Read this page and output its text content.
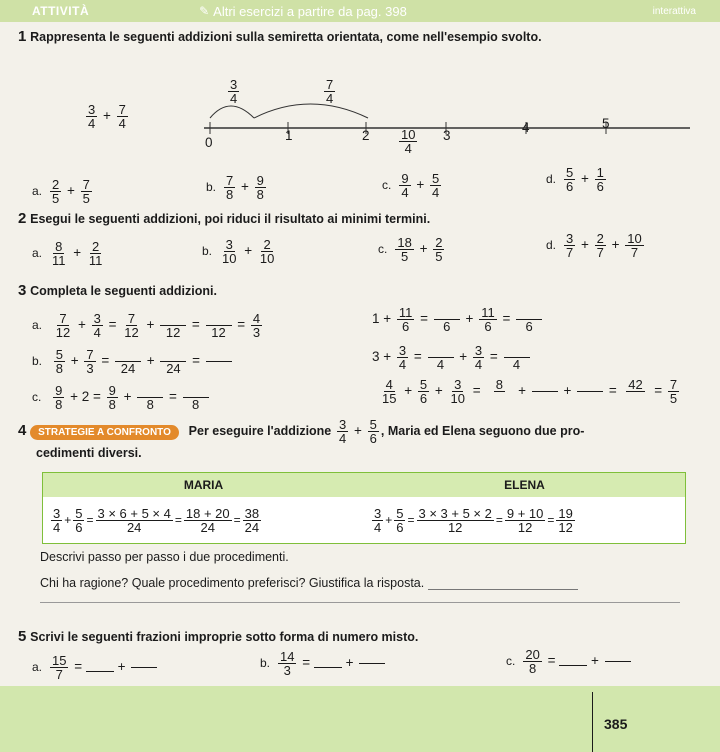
ATTIVITÀ	✎ Altri esercizi a partire da pag. 398	interattiva
1 Rappresenta le seguenti addizioni sulla semiretta orientata, come nell'esempio svolto.
$\frac{3}{4} + \frac{7}{4}$
$\frac{3}{4}$	$\frac{7}{4}$
0	1	2	3
4	5
$\frac{10}{4}$
a. $\frac{2}{5} + \frac{7}{5}$	b. $\frac{7}{8} + \frac{9}{8}$	c. $\frac{9}{4} + \frac{5}{4}$	d. $\frac{5}{6} + \frac{1}{6}$
2 Esegui le seguenti addizioni, poi riduci il risultato ai minimi termini.
a. $\frac{8}{11} + \frac{2}{11}$	b. $\frac{3}{10} + \frac{2}{10}$	c. $\frac{18}{5} + \frac{2}{5}$	d. $\frac{3}{7} + \frac{2}{7} + \frac{10}{7}$
3 Completa le seguenti addizioni.
a. $\frac{7}{12} + \frac{3}{4} = \frac{7}{12}$ +
12
=
12
= $\frac{4}{3}$
b. $\frac{5}{8} + \frac{7}{3}$ =
24
+
24
=
c. $\frac{9}{8} + 2 = \frac{9}{8}$ +
8
=
8
$1 + \frac{11}{6}$ =
6
+ $\frac{11}{6}$ =
6
$3 + \frac{3}{4}$ =
4
+ $\frac{3}{4}$ =
4
$\frac{4}{15} + \frac{5}{6} + \frac{3}{10} = 8$ +
+
= $42 = \frac{7}{5}$
4 STRATEGIE A CONFRONTO Per eseguire l'addizione $\frac{3}{4} + \frac{5}{6}$ , Maria ed Elena seguono due pro-
cedimenti diversi.
MARIA	ELENA
$\frac{3}{4} + \frac{5}{6} = \frac{3 \times 6 + 5 \times 4}{24} = \frac{18 + 20}{24} = \frac{38}{24}$	$\frac{3}{4} + \frac{5}{6} = \frac{3 \times 3 + 5 \times 2}{12} = \frac{9 + 10}{12} = \frac{19}{12}$
Descrivi passo per passo i due procedimenti.
Chi ha ragione? Quale procedimento preferisci? Giustifica la risposta.
5 Scrivi le seguenti frazioni improprie sotto forma di numero misto.
a. $\frac{15}{7}$ =  +	b. $\frac{14}{3}$ =  +	c. $\frac{20}{8}$ =  +
385
